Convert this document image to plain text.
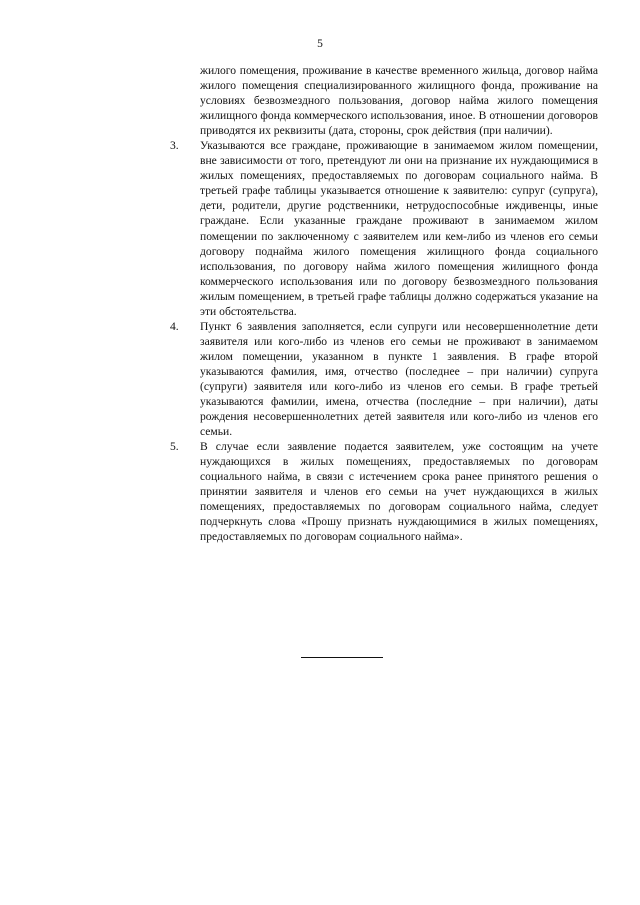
5

жилого помещения, проживание в качестве временного жильца, договор найма жилого помещения специализированного жилищного фонда, проживание на условиях безвозмездного пользования, договор найма жилого помещения жилищного фонда коммерческого использования, иное. В отношении договоров приводятся их реквизиты (дата, стороны, срок действия (при наличии).

3. Указываются все граждане, проживающие в занимаемом жилом помещении, вне зависимости от того, претендуют ли они на признание их нуждающимися в жилых помещениях, предоставляемых по договорам социального найма. В третьей графе таблицы указывается отношение к заявителю: супруг (супруга), дети, родители, другие родственники, нетрудоспособные иждивенцы, иные граждане. Если указанные граждане проживают в занимаемом жилом помещении по заключенному с заявителем или кем-либо из членов его семьи договору поднайма жилого помещения жилищного фонда социального использования, по договору найма жилого помещения жилищного фонда коммерческого использования или по договору безвозмездного пользования жилым помещением, в третьей графе таблицы должно содержаться указание на эти обстоятельства.

4. Пункт 6 заявления заполняется, если супруги или несовершеннолетние дети заявителя или кого-либо из членов его семьи не проживают в занимаемом жилом помещении, указанном в пункте 1 заявления. В графе второй указываются фамилия, имя, отчество (последнее – при наличии) супруга (супруги) заявителя или кого-либо из членов его семьи. В графе третьей указываются фамилии, имена, отчества (последние – при наличии), даты рождения несовершеннолетних детей заявителя или кого-либо из членов его семьи.

5. В случае если заявление подается заявителем, уже состоящим на учете нуждающихся в жилых помещениях, предоставляемых по договорам социального найма, в связи с истечением срока ранее принятого решения о принятии заявителя и членов его семьи на учет нуждающихся в жилых помещениях, предоставляемых по договорам социального найма, следует подчеркнуть слова «Прошу признать нуждающимися в жилых помещениях, предоставляемых по договорам социального найма».
